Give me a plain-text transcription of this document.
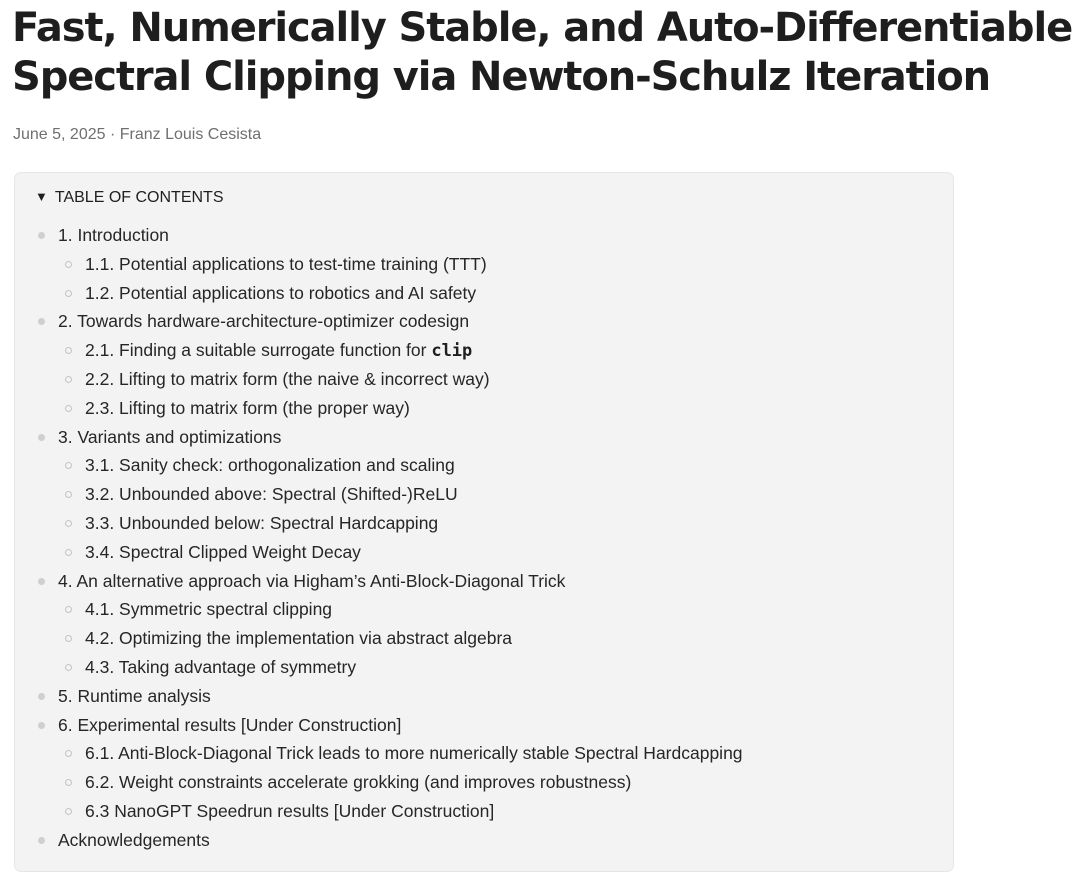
Fast, Numerically Stable, and Auto-Differentiable
Spectral Clipping via Newton-Schulz Iteration
June 5, 2025 · Franz Louis Cesista
▼ TABLE OF CONTENTS
1. Introduction
1.1. Potential applications to test-time training (TTT)
1.2. Potential applications to robotics and AI safety
2. Towards hardware-architecture-optimizer codesign
2.1. Finding a suitable surrogate function for clip
2.2. Lifting to matrix form (the naive & incorrect way)
2.3. Lifting to matrix form (the proper way)
3. Variants and optimizations
3.1. Sanity check: orthogonalization and scaling
3.2. Unbounded above: Spectral (Shifted-)ReLU
3.3. Unbounded below: Spectral Hardcapping
3.4. Spectral Clipped Weight Decay
4. An alternative approach via Higham’s Anti-Block-Diagonal Trick
4.1. Symmetric spectral clipping
4.2. Optimizing the implementation via abstract algebra
4.3. Taking advantage of symmetry
5. Runtime analysis
6. Experimental results [Under Construction]
6.1. Anti-Block-Diagonal Trick leads to more numerically stable Spectral Hardcapping
6.2. Weight constraints accelerate grokking (and improves robustness)
6.3 NanoGPT Speedrun results [Under Construction]
Acknowledgements
